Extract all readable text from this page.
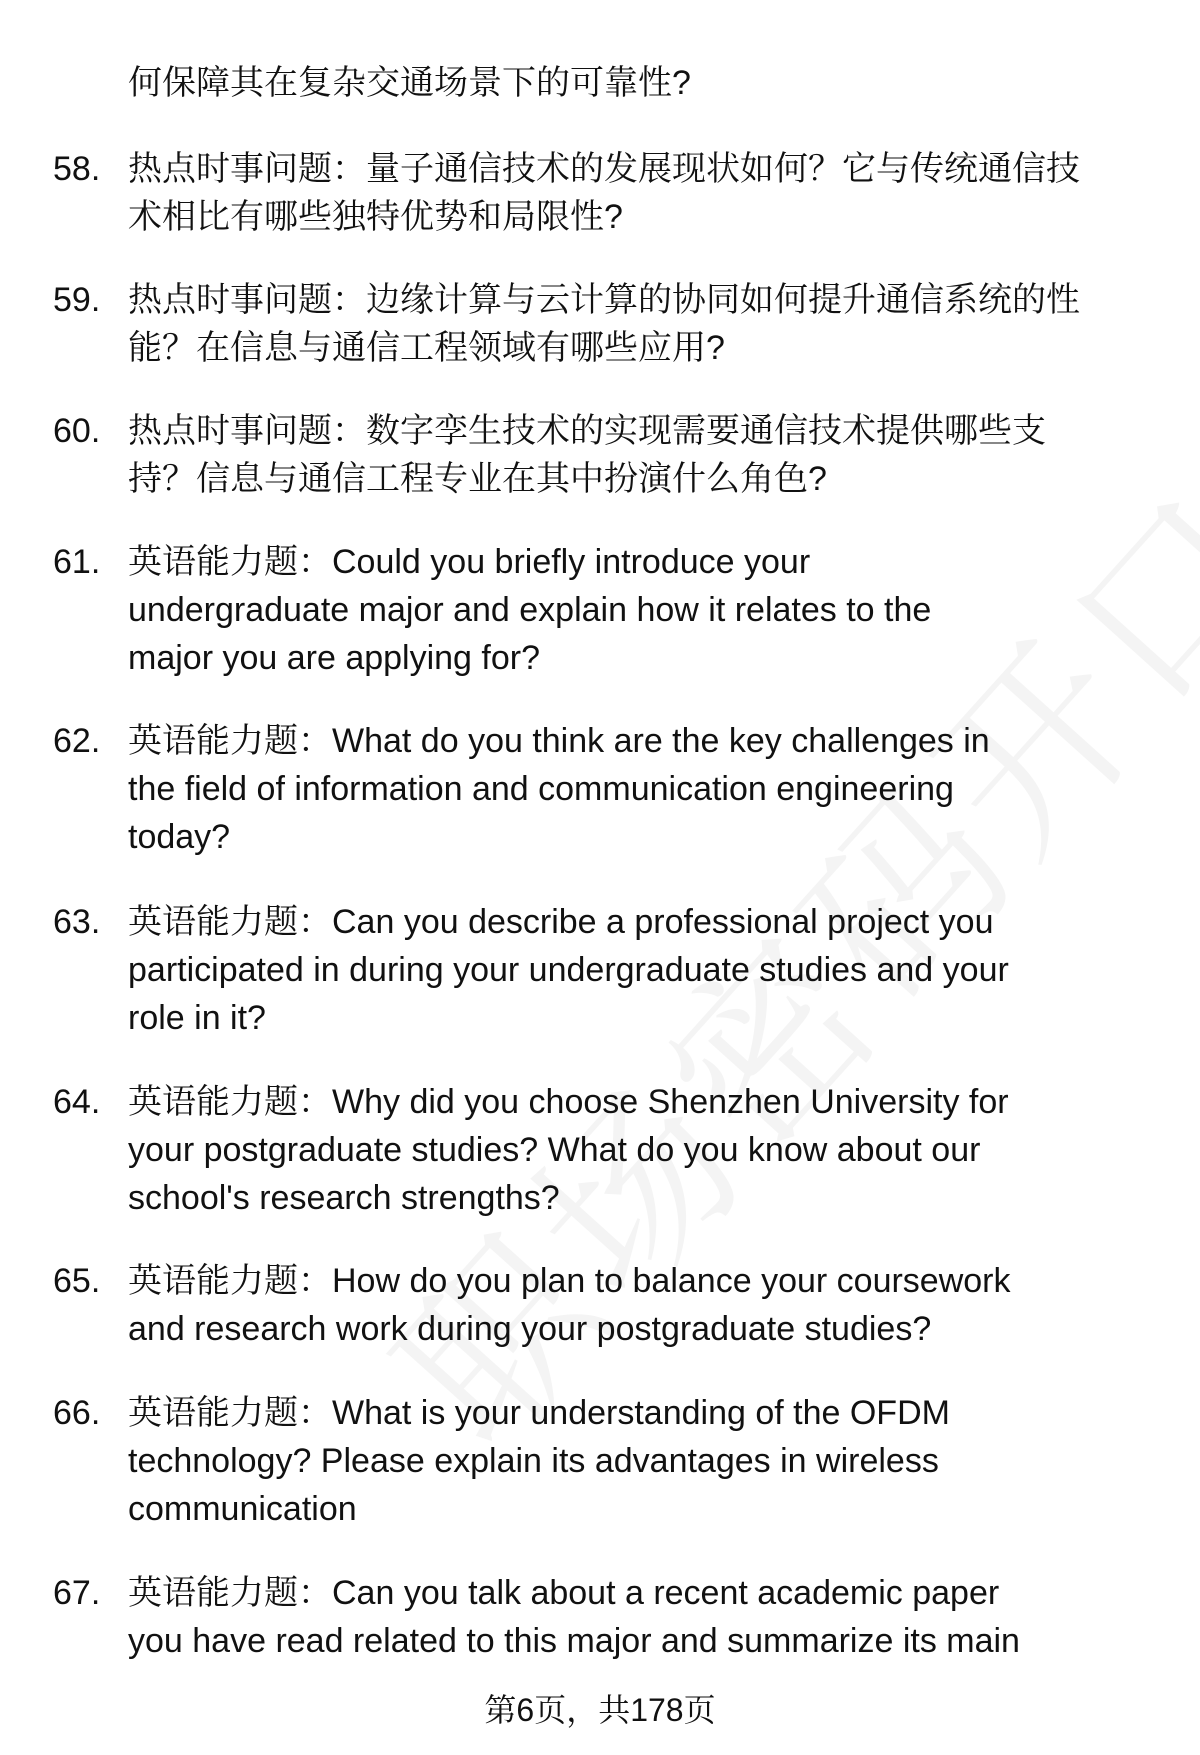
何保障其在复杂交通场景下的可靠性?
58. 热点时事问题：量子通信技术的发展现状如何？它与传统通信技
术相比有哪些独特优势和局限性?
59. 热点时事问题：边缘计算与云计算的协同如何提升通信系统的性
能？在信息与通信工程领域有哪些应用?
60. 热点时事问题：数字孪生技术的实现需要通信技术提供哪些支
持？信息与通信工程专业在其中扮演什么角色?
61. 英语能力题：Could you briefly introduce your
undergraduate major and explain how it relates to the
major you are applying for?
62. 英语能力题：What do you think are the key challenges in
the field of information and communication engineering
today?
63. 英语能力题：Can you describe a professional project you
participated in during your undergraduate studies and your
role in it?
64. 英语能力题：Why did you choose Shenzhen University for
your postgraduate studies? What do you know about our
school's research strengths?
65. 英语能力题：How do you plan to balance your coursework
and research work during your postgraduate studies?
66. 英语能力题：What is your understanding of the OFDM
technology? Please explain its advantages in wireless
communication
67. 英语能力题：Can you talk about a recent academic paper
you have read related to this major and summarize its main
第6页，共178页
